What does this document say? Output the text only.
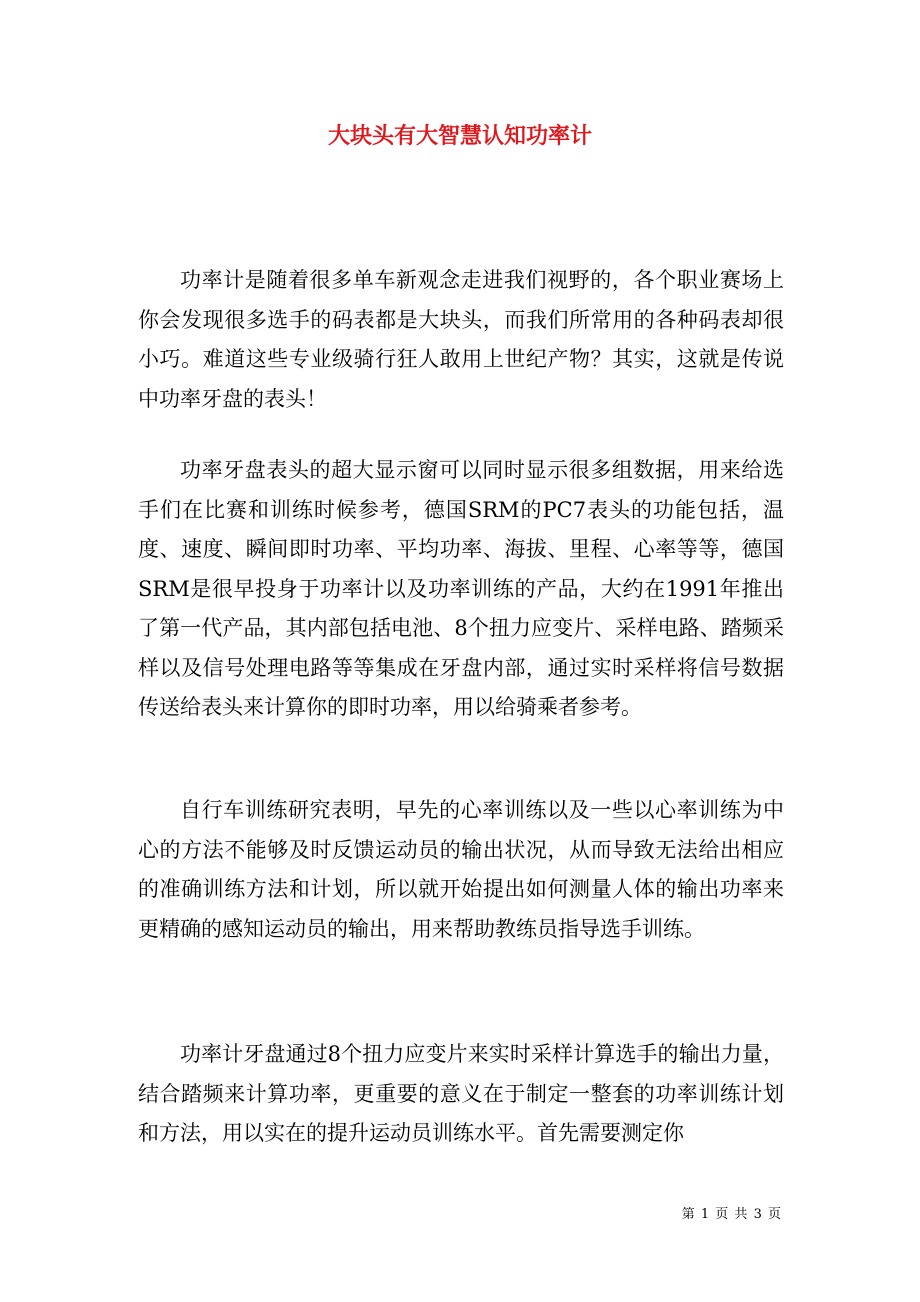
大块头有大智慧认知功率计

功率计是随着很多单车新观念走进我们视野的，各个职业赛场上你会发现很多选手的码表都是大块头，而我们所常用的各种码表却很小巧。难道这些专业级骑行狂人敢用上世纪产物？其实，这就是传说中功率牙盘的表头！

功率牙盘表头的超大显示窗可以同时显示很多组数据，用来给选手们在比赛和训练时候参考，德国SRM的PC7表头的功能包括，温度、速度、瞬间即时功率、平均功率、海拔、里程、心率等等，德国SRM是很早投身于功率计以及功率训练的产品，大约在1991年推出了第一代产品，其内部包括电池、8个扭力应变片、采样电路、踏频采样以及信号处理电路等等集成在牙盘内部，通过实时采样将信号数据传送给表头来计算你的即时功率，用以给骑乘者参考。

自行车训练研究表明，早先的心率训练以及一些以心率训练为中心的方法不能够及时反馈运动员的输出状况，从而导致无法给出相应的准确训练方法和计划，所以就开始提出如何测量人体的输出功率来更精确的感知运动员的输出，用来帮助教练员指导选手训练。

功率计牙盘通过8个扭力应变片来实时采样计算选手的输出力量，结合踏频来计算功率，更重要的意义在于制定一整套的功率训练计划和方法，用以实在的提升运动员训练水平。首先需要测定你

第 1 页 共 3 页
